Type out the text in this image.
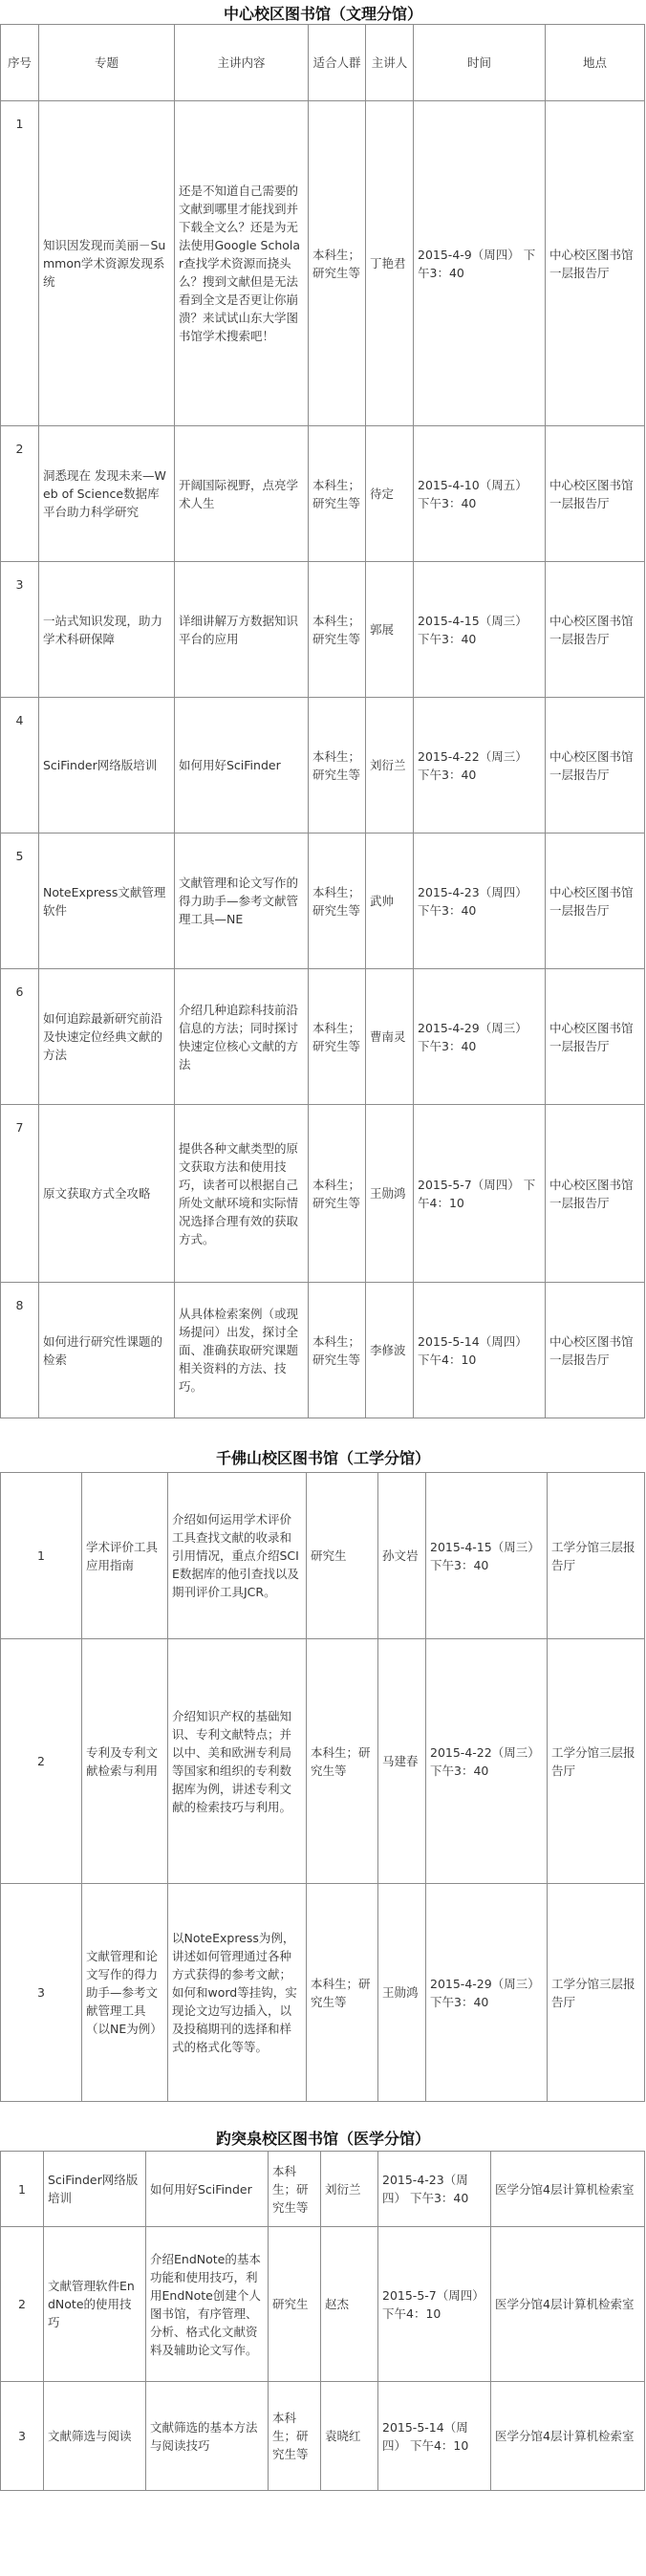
中心校区图书馆（文理分馆）
千佛山校区图书馆（工学分馆）
趵突泉校区图书馆（医学分馆）
序号	专题	主讲内容	适合人群	主讲人	时间	地点
1	知识因发现而美丽－Summon学术资源发现系统	还是不知道自己需要的文献到哪里才能找到并下载全文么？还是为无法使用Google Scholar查找学术资源而挠头么？搜到文献但是无法看到全文是否更让你崩溃？来试试山东大学图书馆学术搜索吧！	本科生；研究生等	丁艳君	2015-4-9（周四） 下午3：40	中心校区图书馆一层报告厅
2	洞悉现在 发现未来—Web of Science数据库平台助力科学研究	开阔国际视野，点亮学术人生	本科生；研究生等	待定	2015-4-10（周五） 下午3：40	中心校区图书馆 一层报告厅
3	一站式知识发现，助力学术科研保障	详细讲解万方数据知识平台的应用	本科生；研究生等	郭展	2015-4-15（周三） 下午3：40	中心校区图书馆 一层报告厅
4	SciFinder网络版培训	如何用好SciFinder	本科生；研究生等	刘衍兰	2015-4-22（周三） 下午3：40	中心校区图书馆 一层报告厅
5	NoteExpress文献管理软件	文献管理和论文写作的得力助手—参考文献管理工具—NE	本科生；研究生等	武帅	2015-4-23（周四） 下午3：40	中心校区图书馆 一层报告厅
6	如何追踪最新研究前沿及快速定位经典文献的方法	介绍几种追踪科技前沿信息的方法；同时探讨快速定位核心文献的方法	本科生；研究生等	曹南灵	2015-4-29（周三） 下午3：40	中心校区图书馆 一层报告厅
7	原文获取方式全攻略	提供各种文献类型的原文获取方法和使用技巧，读者可以根据自己所处文献环境和实际情况选择合理有效的获取方式。	本科生；研究生等	王勋鸿	2015-5-7（周四） 下午4：10	中心校区图书馆 一层报告厅
8	如何进行研究性课题的检索	从具体检索案例（或现场提问）出发，探讨全面、准确获取研究课题相关资料的方法、技巧。	本科生；研究生等	李修波	2015-5-14（周四） 下午4：10	中心校区图书馆 一层报告厅
1	学术评价工具应用指南	介绍如何运用学术评价工具查找文献的收录和引用情况，重点介绍SCIE数据库的他引查找以及期刊评价工具JCR。	研究生	孙文岩	2015-4-15（周三） 下午3：40	工学分馆三层报告厅
2	专利及专利文献检索与利用	介绍知识产权的基础知识、专利文献特点；并以中、美和欧洲专利局等国家和组织的专利数据库为例，讲述专利文献的检索技巧与利用。	本科生；研究生等	马建春	2015-4-22（周三） 下午3：40	工学分馆三层报告厅
3	文献管理和论文写作的得力助手—参考文献管理工具（以NE为例）	以NoteExpress为例，讲述如何管理通过各种方式获得的参考文献；如何和word等挂钩，实现论文边写边插入，以及投稿期刊的选择和样式的格式化等等。	本科生；研究生等	王勋鸿	2015-4-29（周三） 下午3：40	工学分馆三层报告厅
1	SciFinder网络版培训	如何用好SciFinder	本科生；研究生等	刘衍兰	2015-4-23（周四） 下午3：40	医学分馆4层计算机检索室
2	文献管理软件EndNote的使用技巧	介绍EndNote的基本功能和使用技巧，利用EndNote创建个人图书馆，有序管理、分析、格式化文献资料及辅助论文写作。	研究生	赵杰	2015-5-7（周四） 下午4：10	医学分馆4层计算机检索室
3	文献筛选与阅读	文献筛选的基本方法与阅读技巧	本科生；研究生等	袁晓红	2015-5-14（周四） 下午4：10	医学分馆4层计算机检索室
